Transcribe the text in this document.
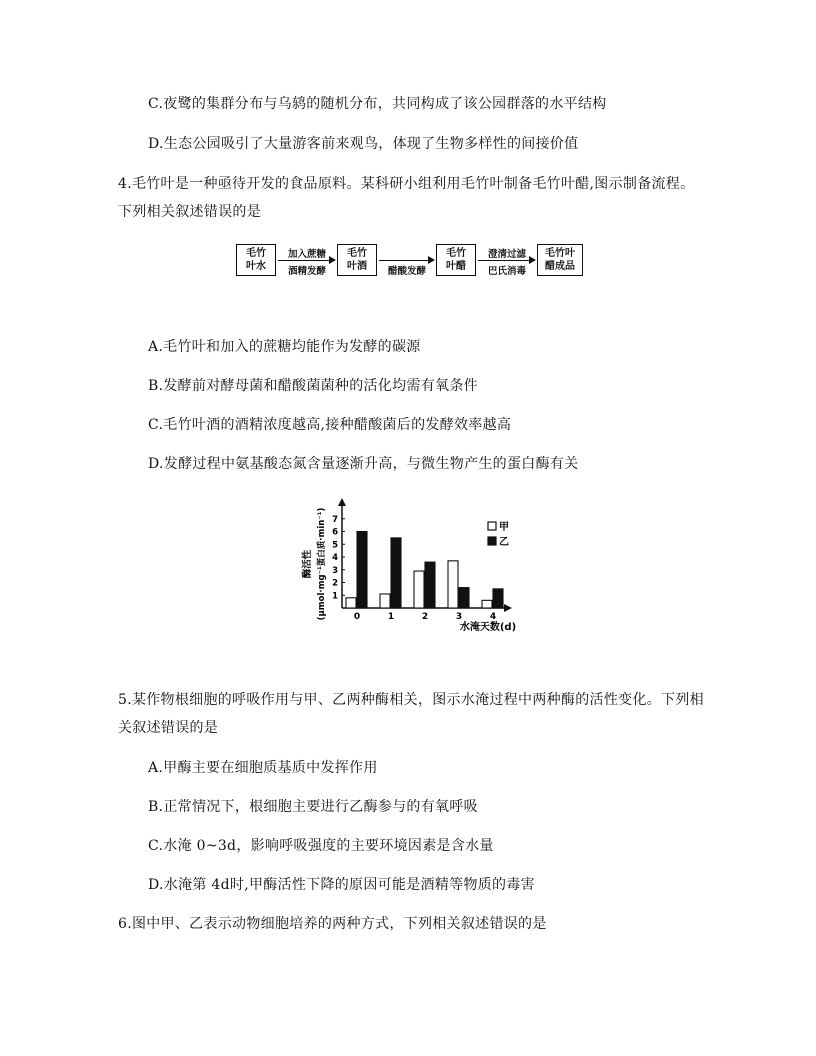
C.夜鹭的集群分布与乌鸫的随机分布，共同构成了该公园群落的水平结构
D.生态公园吸引了大量游客前来观鸟，体现了生物多样性的间接价值
4.毛竹叶是一种亟待开发的食品原料。某科研小组利用毛竹叶制备毛竹叶醋,图示制备流程。
下列相关叙述错误的是
毛竹
叶水
加入蔗糖
酒精发酵
毛竹
叶酒	醋酸发酵
毛竹
叶醋
澄清过滤
巴氏消毒
毛竹叶
醋成品
A.毛竹叶和加入的蔗糖均能作为发酵的碳源
B.发酵前对酵母菌和醋酸菌菌种的活化均需有氧条件
C.毛竹叶酒的酒精浓度越高,接种醋酸菌后的发酵效率越高
D.发酵过程中氨基酸态氮含量逐渐升高，与微生物产生的蛋白酶有关
1
2
3
4
5
6
7
0	1	2	3	4
酶活性 (μmol·mg⁻¹蛋白质·min⁻¹)
水淹天数(d)
甲
乙
5.某作物根细胞的呼吸作用与甲、乙两种酶相关，图示水淹过程中两种酶的活性变化。下列相
关叙述错误的是
A.甲酶主要在细胞质基质中发挥作用
B.正常情况下，根细胞主要进行乙酶参与的有氧呼吸
C.水淹 0~3d，影响呼吸强度的主要环境因素是含水量
D.水淹第 4d时,甲酶活性下降的原因可能是酒精等物质的毒害
6.图中甲、乙表示动物细胞培养的两种方式，下列相关叙述错误的是
